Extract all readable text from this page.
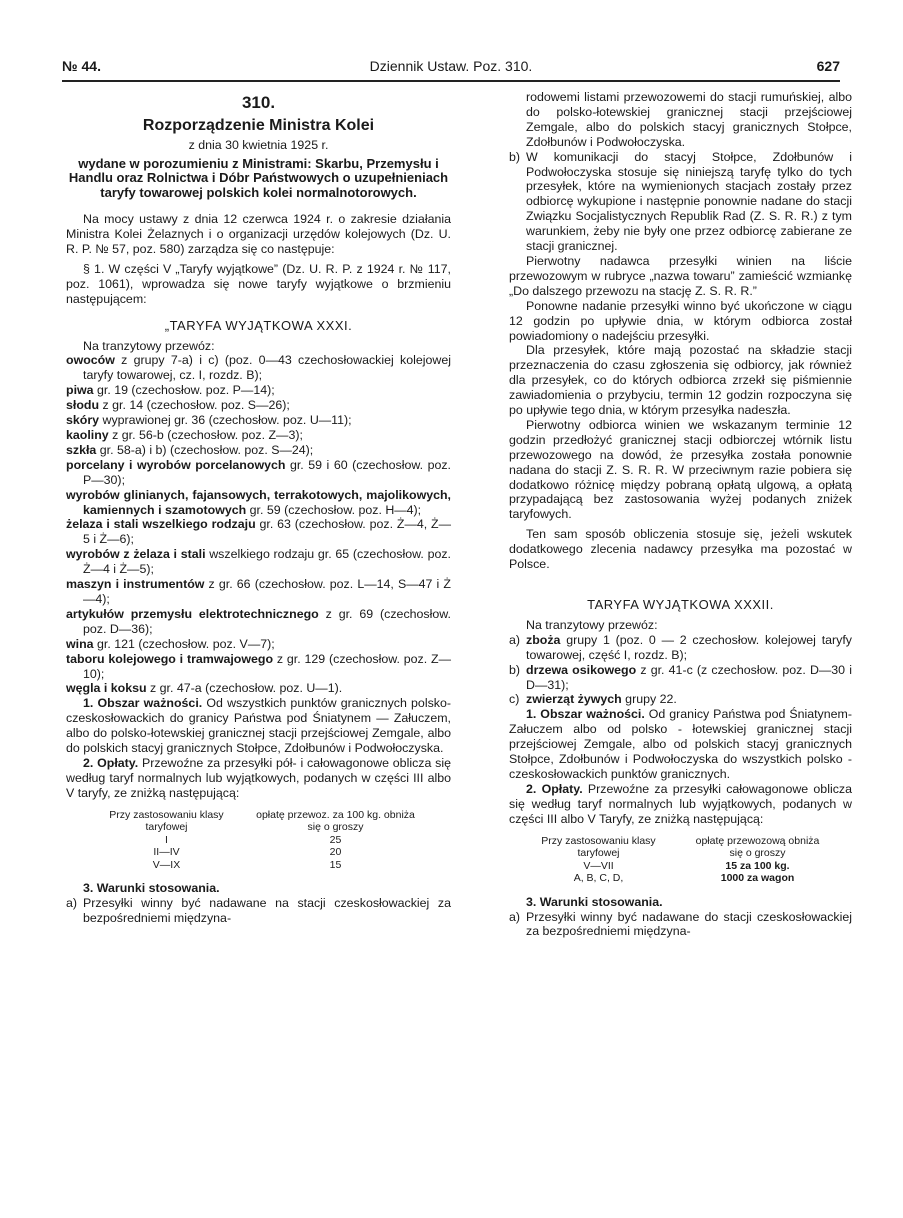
№ 44.	Dziennik Ustaw. Poz. 310.	627
310.
Rozporządzenie Ministra Kolei
z dnia 30 kwietnia 1925 r.
wydane w porozumieniu z Ministrami: Skarbu, Przemysłu i Handlu oraz Rolnictwa i Dóbr Państwowych o uzupełnieniach taryfy towarowej polskich kolei normalnotorowych.

Na mocy ustawy z dnia 12 czerwca 1924 r. o zakresie działania Ministra Kolei Żelaznych i o organizacji urzędów kolejowych (Dz. U. R. P. № 57, poz. 580) zarządza się co następuje:

§ 1. W części V „Taryfy wyjątkowe” (Dz. U. R. P. z 1924 r. № 117, poz. 1061), wprowadza się nowe taryfy wyjątkowe o brzmieniu następującem:

„TARYFA WYJĄTKOWA XXXI.

Na tranzytowy przewóz:

owoców z grupy 7-a) i c) (poz. 0—43 czechosłowackiej kolejowej taryfy towarowej, cz. I, rozdz. B);

piwa gr. 19 (czechosłow. poz. P—14);

słodu z gr. 14 (czechosłow. poz. S—26);

skóry wyprawionej gr. 36 (czechosłow. poz. U—11);

kaoliny z gr. 56-b (czechosłow. poz. Z—3);

szkła gr. 58-a) i b) (czechosłow. poz. S—24);

porcelany i wyrobów porcelanowych gr. 59 i 60 (czechosłow. poz. P—30);

wyrobów glinianych, fajansowych, terrakotowych, majolikowych, kamiennych i szamotowych gr. 59 (czechosłow. poz. H—4);

żelaza i stali wszelkiego rodzaju gr. 63 (czechosłow. poz. Ż—4, Ż—5 i Ż—6);

wyrobów z żelaza i stali wszelkiego rodzaju gr. 65 (czechosłow. poz. Ż—4 i Ż—5);

maszyn i instrumentów z gr. 66 (czechosłow. poz. L—14, S—47 i Ż—4);

artykułów przemysłu elektrotechnicznego z gr. 69 (czechosłow. poz. D—36);

wina gr. 121 (czechosłow. poz. V—7);

taboru kolejowego i tramwajowego z gr. 129 (czechosłow. poz. Z—10);

węgla i koksu z gr. 47-a (czechosłow. poz. U—1).

1. Obszar ważności. Od wszystkich punktów granicznych polsko-czeskosłowackich do granicy Państwa pod Śniatynem — Załuczem, albo do polsko-łotewskiej granicznej stacji przejściowej Zemgale, albo do polskich stacyj granicznych Stołpce, Zdołbunów i Podwołoczyska.

2. Opłaty. Przewoźne za przesyłki pół- i całowagonowe oblicza się według taryf normalnych lub wyjątkowych, podanych w części III albo V taryfy, ze zniżką następującą:

Przy zastosowaniu klasy taryfowej	opłatę przewoz. za 100 kg. obniża się o groszy
I	25
II—IV	20
V—IX	15

3. Warunki stosowania.

a) Przesyłki winny być nadawane na stacji czeskosłowackiej za bezpośredniemi międzyna-

rodowemi listami przewozowemi do stacji rumuńskiej, albo do polsko-łotewskiej granicznej stacji przejściowej Zemgale, albo do polskich stacyj granicznych Stołpce, Zdołbunów i Podwołoczyska.

b) W komunikacji do stacyj Stołpce, Zdołbunów i Podwołoczyska stosuje się niniejszą taryfę tylko do tych przesyłek, które na wymienionych stacjach zostały przez odbiorcę wykupione i następnie ponownie nadane do stacji Związku Socjalistycznych Republik Rad (Z. S. R. R.) z tym warunkiem, żeby nie były one przez odbiorcę zabierane ze stacji granicznej.

Pierwotny nadawca przesyłki winien na liście przewozowym w rubryce „nazwa towaru” zamieścić wzmiankę „Do dalszego przewozu na stację Z. S. R. R.”

Ponowne nadanie przesyłki winno być ukończone w ciągu 12 godzin po upływie dnia, w którym odbiorca został powiadomiony o nadejściu przesyłki.

Dla przesyłek, które mają pozostać na składzie stacji przeznaczenia do czasu zgłoszenia się odbiorcy, jak również dla przesyłek, co do których odbiorca zrzekł się piśmiennie zawiadomienia o przybyciu, termin 12 godzin rozpoczyna się po upływie tego dnia, w którym przesyłka nadeszła.

Pierwotny odbiorca winien we wskazanym terminie 12 godzin przedłożyć granicznej stacji odbiorczej wtórnik listu przewozowego na dowód, że przesyłka została ponownie nadana do stacji Z. S. R. R. W przeciwnym razie pobiera się dodatkowo różnicę między pobraną opłatą ulgową, a opłatą przypadającą bez zastosowania wyżej podanych zniżek taryfowych.

Ten sam sposób obliczenia stosuje się, jeżeli wskutek dodatkowego zlecenia nadawcy przesyłka ma pozostać w Polsce.

TARYFA WYJĄTKOWA XXXII.

Na tranzytowy przewóz:

a) zboża grupy 1 (poz. 0 — 2 czechosłow. kolejowej taryfy towarowej, część I, rozdz. B);

b) drzewa osikowego z gr. 41-c (z czechosłow. poz. D—30 i D—31);

c) zwierząt żywych grupy 22.

1. Obszar ważności. Od granicy Państwa pod Śniatynem-Załuczem albo od polsko - łotewskiej granicznej stacji przejściowej Zemgale, albo od polskich stacyj granicznych Stołpce, Zdołbunów i Podwołoczyska do wszystkich polsko - czeskosłowackich punktów granicznych.

2. Opłaty. Przewoźne za przesyłki całowagonowe oblicza się według taryf normalnych lub wyjątkowych, podanych w części III albo V Taryfy, ze zniżką następującą:

Przy zastosowaniu klasy taryfowej	opłatę przewozową obniża się o groszy
V—VII	15 za 100 kg.
A, B, C, D,	1000 za wagon

3. Warunki stosowania.

a) Przesyłki winny być nadawane do stacji czeskosłowackiej za bezpośredniemi międzyna-
